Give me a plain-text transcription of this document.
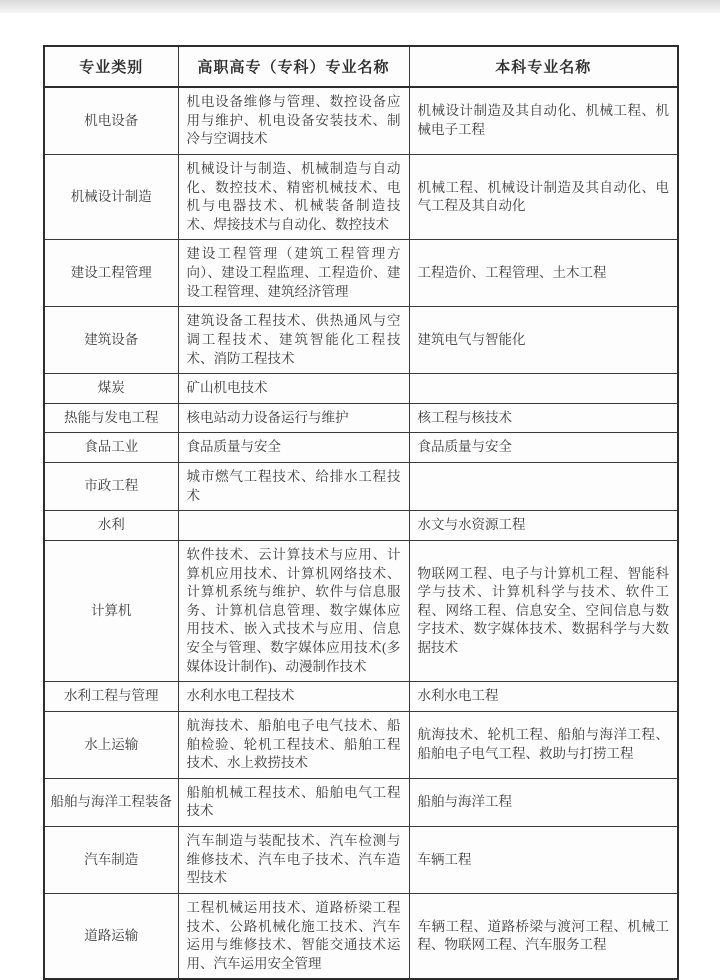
专业类别	高职高专（专科）专业名称	本科专业名称
机电设备	机电设备维修与管理、数控设备应用与维护、机电设备安装技术、制冷与空调技术	机械设计制造及其自动化、机械工程、机械电子工程
机械设计制造	机械设计与制造、机械制造与自动化、数控技术、精密机械技术、电机与电器技术、机械装备制造技术、焊接技术与自动化、数控技术	机械工程、机械设计制造及其自动化、电气工程及其自动化
建设工程管理	建设工程管理（建筑工程管理方向）、建设工程监理、工程造价、建设工程管理、建筑经济管理	工程造价、工程管理、土木工程
建筑设备	建筑设备工程技术、供热通风与空调工程技术、建筑智能化工程技术、消防工程技术	建筑电气与智能化
煤炭	矿山机电技术	
热能与发电工程	核电站动力设备运行与维护	核工程与核技术
食品工业	食品质量与安全	食品质量与安全
市政工程	城市燃气工程技术、给排水工程技术	
水利		水文与水资源工程
计算机	软件技术、云计算技术与应用、计算机应用技术、计算机网络技术、计算机系统与维护、软件与信息服务、计算机信息管理、数字媒体应用技术、嵌入式技术与应用、信息安全与管理、数字媒体应用技术(多媒体设计制作)、动漫制作技术	物联网工程、电子与计算机工程、智能科学与技术、计算机科学与技术、软件工程、网络工程、信息安全、空间信息与数字技术、数字媒体技术、数据科学与大数据技术
水利工程与管理	水利水电工程技术	水利水电工程
水上运输	航海技术、船舶电子电气技术、船舶检验、轮机工程技术、船舶工程技术、水上救捞技术	航海技术、轮机工程、船舶与海洋工程、船舶电子电气工程、救助与打捞工程
船舶与海洋工程装备	船舶机械工程技术、船舶电气工程技术	船舶与海洋工程
汽车制造	汽车制造与装配技术、汽车检测与维修技术、汽车电子技术、汽车造型技术	车辆工程
道路运输	工程机械运用技术、道路桥梁工程技术、公路机械化施工技术、汽车运用与维修技术、智能交通技术运用、汽车运用安全管理	车辆工程、道路桥梁与渡河工程、机械工程、物联网工程、汽车服务工程
